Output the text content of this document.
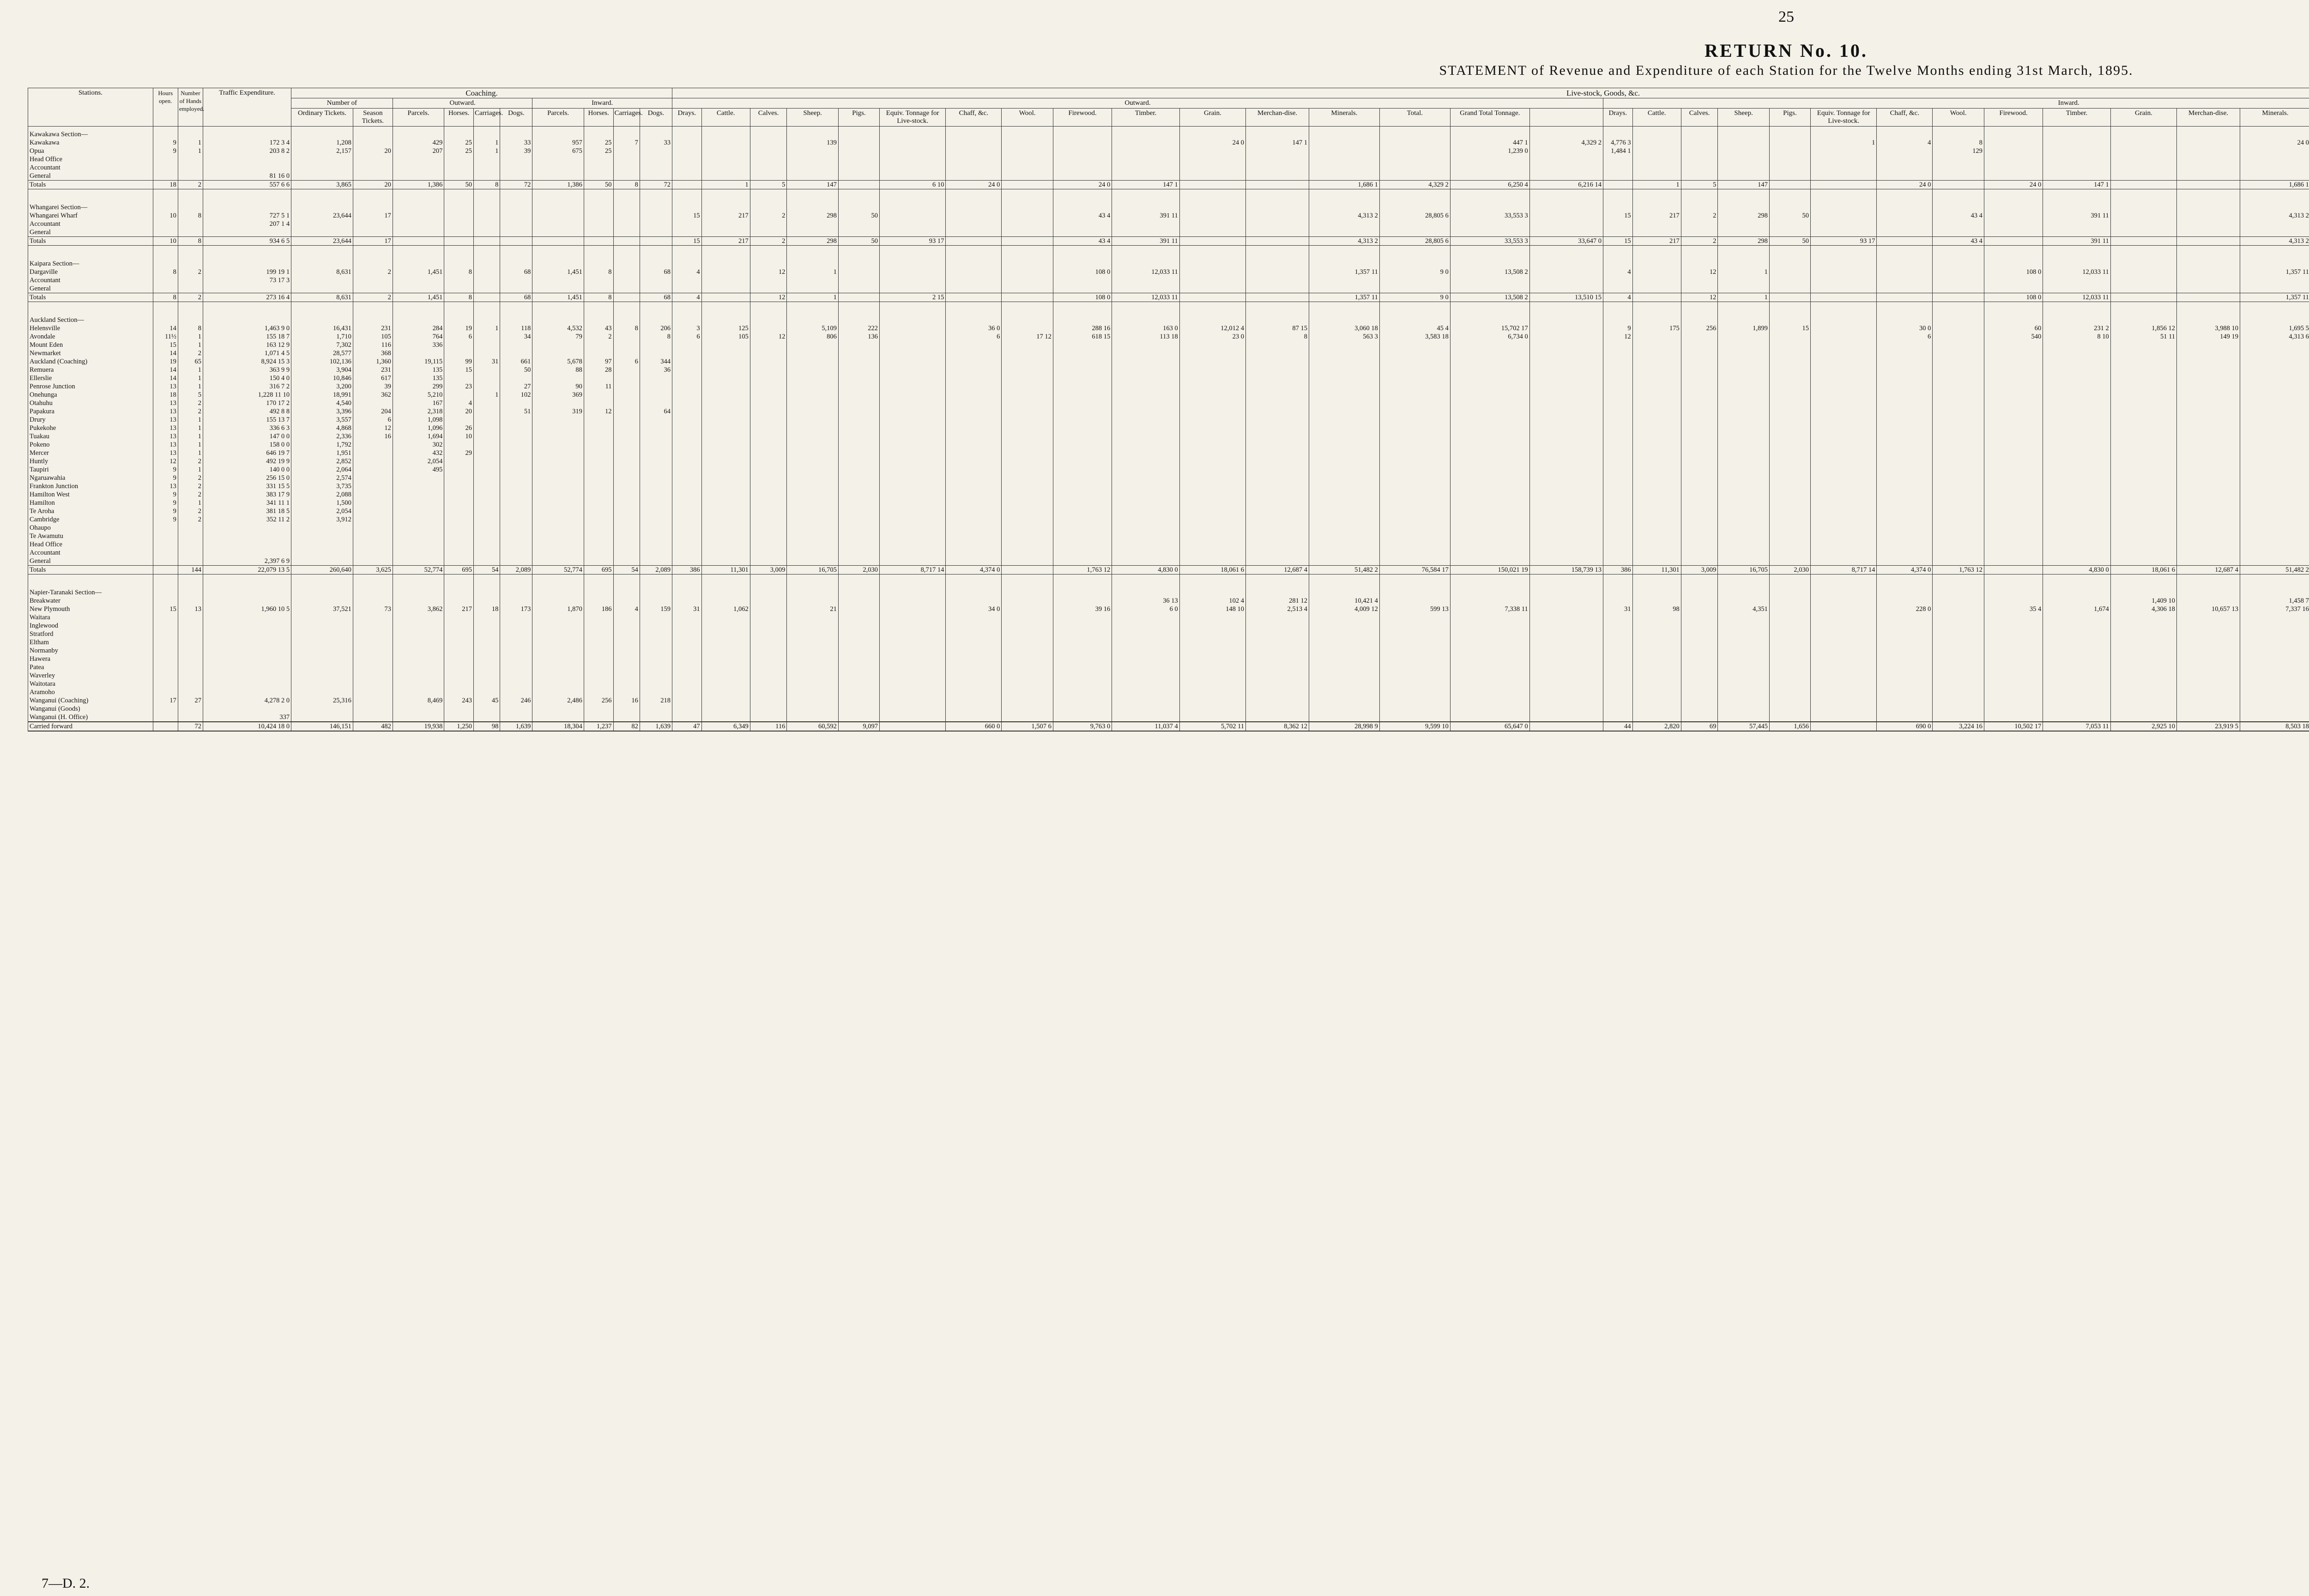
25
RETURN No. 10.
STATEMENT of Revenue and Expenditure of each Station for the Twelve Months ending 31st March, 1895.
Stations.	Hours open.	Number of Hands employed.	Traffic Expenditure.	Coaching.										Live-stock, Goods, &c.		
				Number of		Outward.				Inward.				Outward.																Inward.			
				Ordinary Tickets.	Season Tickets.	Parcels.	Horses.	Carriages.	Dogs.	Parcels.	Horses.	Carriages.	Dogs.	Drays.	Cattle.	Calves.	Sheep.	Pigs.	Equiv. Tonnage for Live-stock.	Chaff, &c.	Wool.	Firewood.	Timber.	Grain.	Merchan-dise.	Minerals.	Total.	Grand Total Tonnage.		Drays.	Cattle.	Calves.	Sheep.	Pigs.	Equiv. Tonnage for Live-stock.	Chaff, &c.	Wool.	Firewood.	Timber.	Grain.	Merchan-dise.	Minerals.											
Kawakawa Section—																																																							
Kawakawa	9	1	172 3 4	1,208		429	25	1	33	957	25	7	33				139							24 0	147 1			447 1	4,329 2	4,776 3					1	4	8					24 0													
Opua	9	1	203 8 2	2,157	20	207	25	1	39	675	25																	1,239 0		1,484 1							129																		
Head Office																																																							
Accountant																																																							
General			81 16 0																																																				
Totals	18	2	557 6 6	3,865	20	1,386	50	8	72	1,386	50	8	72		1	5	147		6 10	24 0		24 0	147 1			1,686 1	4,329 2	6,250 4	6,216 14		1	5	147			24 0		24 0	147 1			1,686 1													

Whangarei Section—																																																							
Whangarei Wharf	10	8	727 5 1	23,644	17									15	217	2	298	50				43 4	391 11			4,313 2	28,805 6	33,553 3		15	217	2	298	50			43 4		391 11			4,313 2													
Accountant			207 1 4																																																				
General																																																							
Totals	10	8	934 6 5	23,644	17									15	217	2	298	50	93 17			43 4	391 11			4,313 2	28,805 6	33,553 3	33,647 0	15	217	2	298	50	93 17		43 4		391 11			4,313 2													

Kaipara Section—																																																							
Dargaville	8	2	199 19 1	8,631	2	1,451	8		68	1,451	8		68	4		12	1					108 0	12,033 11			1,357 11	9 0	13,508 2		4		12	1					108 0	12,033 11			1,357 11													
Accountant			73 17 3																																																				
General																																																							
Totals	8	2	273 16 4	8,631	2	1,451	8		68	1,451	8		68	4		12	1		2 15			108 0	12,033 11			1,357 11	9 0	13,508 2	13,510 15	4		12	1					108 0	12,033 11			1,357 11													

Auckland Section—																																																							
Helensville	14	8	1,463 9 0	16,431	231	284	19	1	118	4,532	43	8	206	3	125		5,109	222		36 0		288 16	163 0	12,012 4	87 15	3,060 18	45 4	15,702 17		9	175	256	1,899	15		30 0		60	231 2	1,856 12	3,988 10	1,695 5													
Avondale	11½	1	155 18 7	1,710	105	764	6		34	79	2		8	6	105	12	806	136		6	17 12	618 15	113 18	23 0	8	563 3	3,583 18	6,734 0		12						6		540	8 10	51 11	149 19	4,313 6													
Mount Eden	15	1	163 12 9	7,302	116	336																																																	
Newmarket	14	2	1,071 4 5	28,577	368																																																		
Auckland (Coaching)	19	65	8,924 15 3	102,136	1,360	19,115	99	31	661	5,678	97	6	344																																										
Remuera	14	1	363 9 9	3,904	231	135	15		50	88	28		36																																										
Ellerslie	14	1	150 4 0	10,846	617	135																																																	
Penrose Junction	13	1	316 7 2	3,200	39	299	23		27	90	11																																												
Onehunga	18	5	1,228 11 10	18,991	362	5,210		1	102	369																																													
Otahuhu	13	2	170 17 2	4,540		167	4																																																
Papakura	13	2	492 8 8	3,396	204	2,318	20		51	319	12		64																																										
Drury	13	1	155 13 7	3,557	6	1,098																																																	
Pukekohe	13	1	336 6 3	4,868	12	1,096	26																																																
Tuakau	13	1	147 0 0	2,336	16	1,694	10																																																
Pokeno	13	1	158 0 0	1,792		302																																																	
Mercer	13	1	646 19 7	1,951		432	29																																																
Huntly	12	2	492 19 9	2,852		2,054																																																	
Taupiri	9	1	140 0 0	2,064		495																																																	
Ngaruawahia	9	2	256 15 0	2,574																																																			
Frankton Junction	13	2	331 15 5	3,735																																																			
Hamilton West	9	2	383 17 9	2,088																																																			
Hamilton	9	1	341 11 1	1,500																																																			
Te Aroha	9	2	381 18 5	2,054																																																			
Cambridge	9	2	352 11 2	3,912																																																			
Ohaupo																																																							
Te Awamutu																																																							
Head Office																																																							
Accountant																																																							
General			2,397 6 9																																																				
Totals		144	22,079 13 5	260,640	3,625	52,774	695	54	2,089	52,774	695	54	2,089	386	11,301	3,009	16,705	2,030	8,717 14	4,374 0		1,763 12	4,830 0	18,061 6	12,687 4	51,482 2	76,584 17	150,021 19	158,739 13	386	11,301	3,009	16,705	2,030	8,717 14	4,374 0	1,763 12		4,830 0	18,061 6	12,687 4	51,482 2													

Napier-Taranaki Section—																																																							
Breakwater																							36 13	102 4	281 12	10,421 4														1,409 10		1,458 7													
New Plymouth	15	13	1,960 10 5	37,521	73	3,862	217	18	173	1,870	186	4	159	31	1,062		21			34 0		39 16	6 0	148 10	2,513 4	4,009 12	599 13	7,338 11		31	98		4,351			228 0		35 4	1,674	4,306 18	10,657 13	7,337 16													
Waitara																																																							
Inglewood																																																							
Stratford																																																							
Eltham																																																							
Normanby																																																							
Hawera																																																							
Patea																																																							
Waverley																																																							
Waitotara																																																							
Aramoho																																																							
Wanganui (Coaching)	17	27	4,278 2 0	25,316		8,469	243	45	246	2,486	256	16	218																																										
Wanganui (Goods)																																																							
Wanganui (H. Office)			337																																																				
Carried forward		72	10,424 18 0	146,151	482	19,938	1,250	98	1,639	18,304	1,237	82	1,639	47	6,349	116	60,592	9,097		660 0	1,507 6	9,763 0	11,037 4	5,702 11	8,362 12	28,998 9	9,599 10	65,647 0		44	2,820	69	57,445	1,656		690 0	3,224 16	10,502 17	7,053 11	2,925 10	23,919 5	8,503 18													
7—D. 2.
